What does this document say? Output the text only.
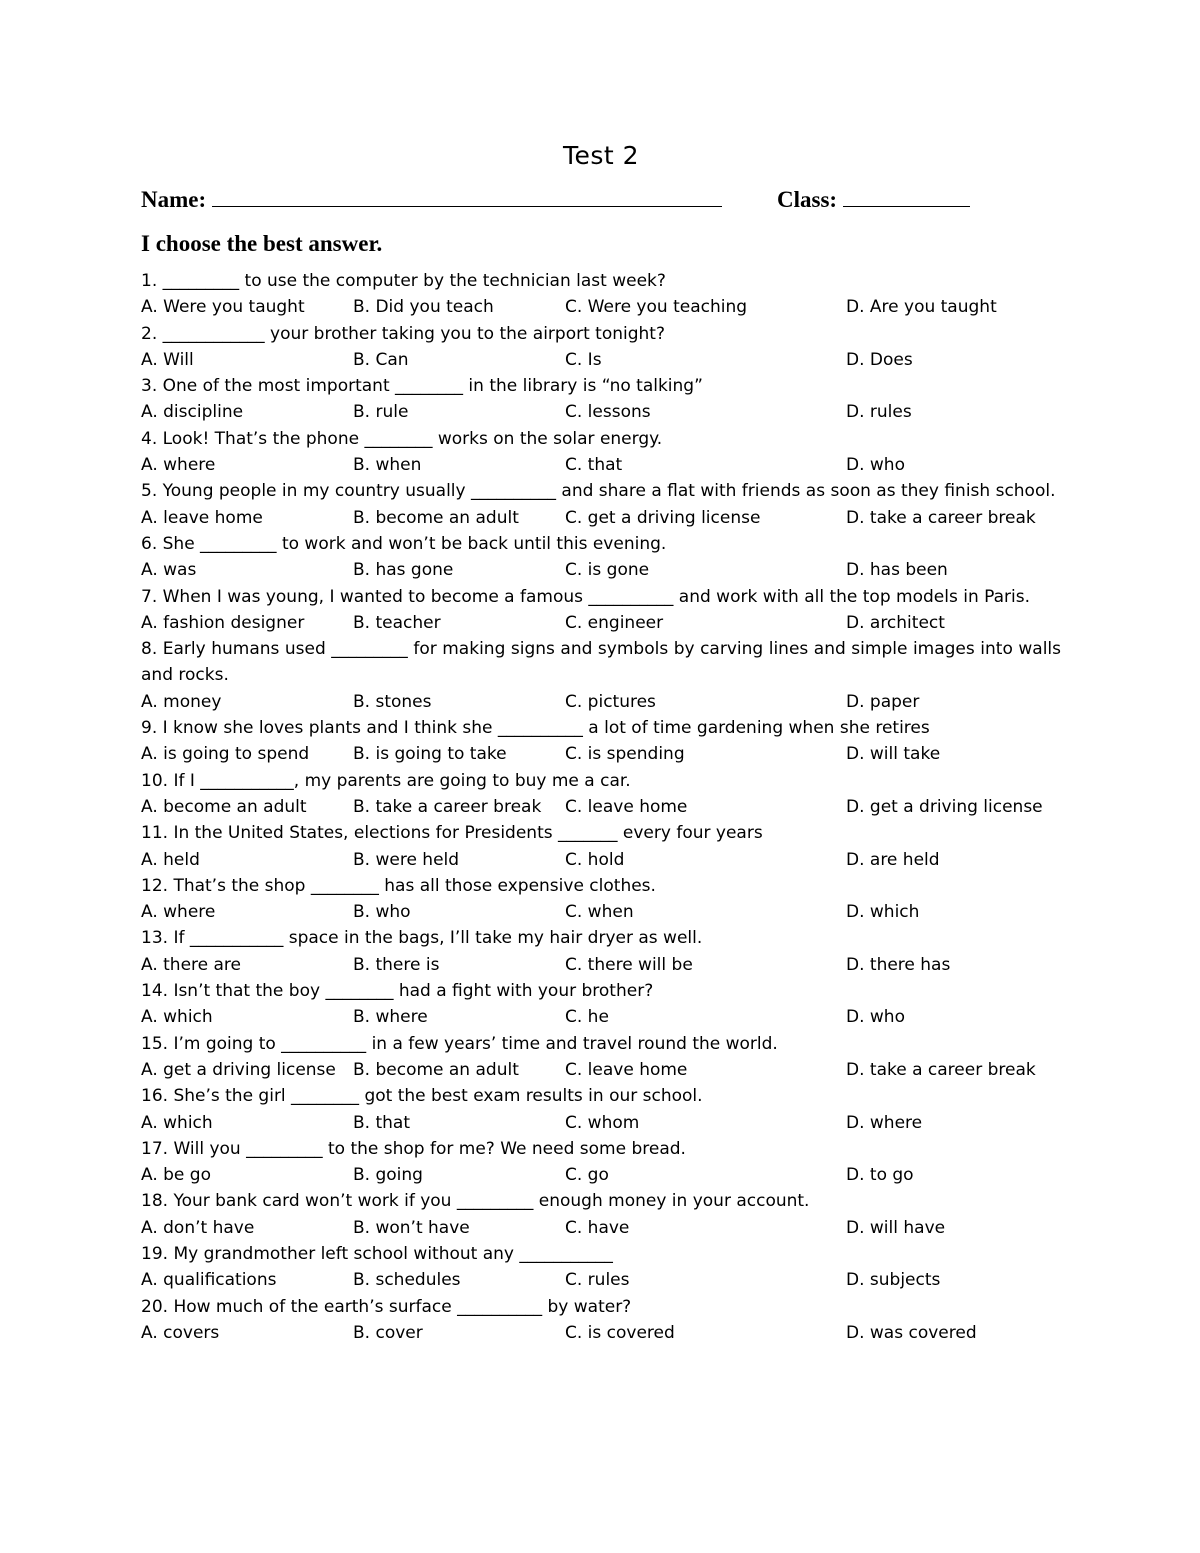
Test 2
Name:	Class:
I choose the best answer.
1. _________ to use the computer by the technician last week?
A. Were you taught	B. Did you teach	C. Were you teaching	D. Are you taught
2. ____________ your brother taking you to the airport tonight?
A. Will	B. Can	C. Is	D. Does
3. One of the most important ________ in the library is “no talking”
A. discipline	B. rule	C. lessons	D. rules
4. Look! That’s the phone ________ works on the solar energy.
A. where	B. when	C. that	D. who
5. Young people in my country usually __________ and share a flat with friends as soon as they finish school.
A. leave home	B. become an adult	C. get a driving license	D. take a career break
6. She _________ to work and won’t be back until this evening.
A. was	B. has gone	C. is gone	D. has been
7. When I was young, I wanted to become a famous __________ and work with all the top models in Paris.
A. fashion designer	B. teacher	C. engineer	D. architect
8. Early humans used _________ for making signs and symbols by carving lines and simple images into walls and rocks.
A. money	B. stones	C. pictures	D. paper
9. I know she loves plants and I think she __________ a lot of time gardening when she retires
A. is going to spend	B. is going to take	C. is spending	D. will take
10. If I ___________, my parents are going to buy me a car.
A. become an adult	B. take a career break C. leave home	D. get a driving license
11. In the United States, elections for Presidents _______ every four years
A. held	B. were held	C. hold	D. are held
12. That’s the shop ________ has all those expensive clothes.
A. where	B. who	C. when	D. which
13. If ___________ space in the bags, I’ll take my hair dryer as well.
A. there are	B. there is	C. there will be	D. there has
14. Isn’t that the boy ________ had a fight with your brother?
A. which	B. where	C. he	D. who
15. I’m going to __________ in a few years’ time and travel round the world.
A. get a driving license B. become an adult	C. leave home	D. take a career break
16. She’s the girl ________ got the best exam results in our school.
A. which	B. that	C. whom	D. where
17. Will you _________ to the shop for me? We need some bread.
A. be go	B. going	C. go	D. to go
18. Your bank card won’t work if you _________ enough money in your account.
A. don’t have	B. won’t have	C. have	D. will have
19. My grandmother left school without any ___________
A. qualifications	B. schedules	C. rules	D. subjects
20. How much of the earth’s surface __________ by water?
A. covers	B. cover	C. is covered	D. was covered
